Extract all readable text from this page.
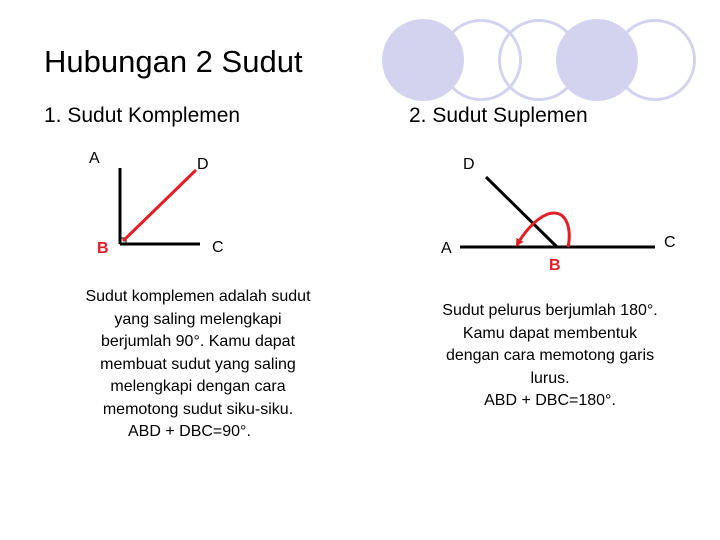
Hubungan 2 Sudut
1. Sudut Komplemen	2. Sudut Suplemen
A	D
B	C
D
A
B
C
Sudut komplemen adalah sudut
yang saling melengkapi
berjumlah 90°. Kamu dapat
membuat sudut yang saling
melengkapi dengan cara
memotong sudut siku-siku.
ABD + DBC=90°.
Sudut pelurus berjumlah 180°.
Kamu dapat membentuk
dengan cara memotong garis
lurus.
ABD + DBC=180°.
